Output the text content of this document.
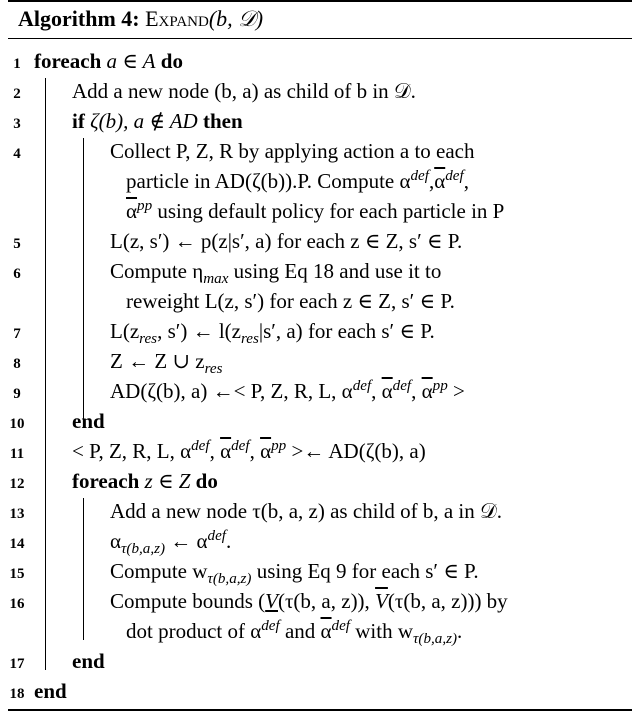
Algorithm 4: Expand(b, 𝒟)
1
2
3
4
5
6
7
8
9
10
11
12
13
14
15
16
17
18
foreach a ∈ A do
Add a new node (b, a) as child of b in 𝒟.
if ζ(b), a ∉ AD then
Collect P, Z, R by applying action a to each
particle in AD(ζ(b)).P. Compute $\alpha^{def},\overline{\alpha}^{def}$,
$\overline{\alpha}^{pp}$ using default policy for each particle in P
L(z, s′) ← p(z|s′, a) for each z ∈ Z, s′ ∈ P.
Compute $\eta_{max}$ using Eq 18 and use it to
reweight L(z, s′) for each z ∈ Z, s′ ∈ P.
$L(z_{res}$, s′) ← $l(z_{res}|s'$, a) for each s′ ∈ P.
Z ← Z ∪ $z_{res}$
AD(ζ(b), a) ←< P, Z, R, L, $\alpha^{def}$, $\overline{\alpha}^{def}$, $\overline{\alpha}^{pp}$ >
end
< P, Z, R, L, $\alpha^{def}$, $\overline{\alpha}^{def}$, $\overline{\alpha}^{pp}$ >← AD(ζ(b), a)
foreach z ∈ Z do
Add a new node τ(b, a, z) as child of b, a in 𝒟.
$\alpha_{\tau(b,a,z)}$ ← $\alpha^{def}$.
Compute $w_{\tau(b,a,z)}$ using Eq 9 for each s′ ∈ P.
Compute bounds (V(τ(b, a, z)), $\overline{V}(\tau(b$, a, z))) by
dot product of $\alpha^{def}$ and $\overline{\alpha}^{def}$ with $w_{\tau(b,a,z)}$.
end
end
